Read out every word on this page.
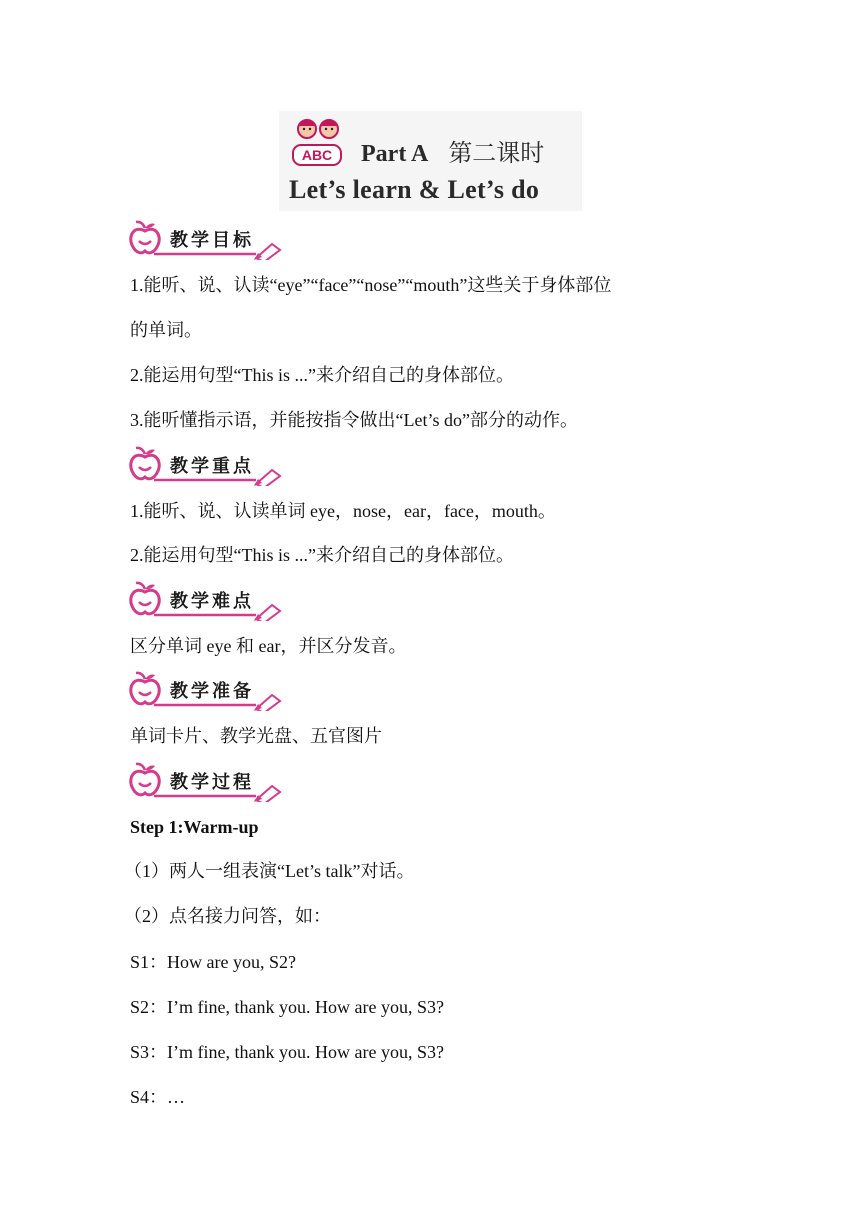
ABC Part A 第二课时
Let’s learn & Let’s do
教学目标
1.能听、说、认读“eye”“face”“nose”“mouth”这些关于身体部位
的单词。
2.能运用句型“This is ...”来介绍自己的身体部位。
3.能听懂指示语，并能按指令做出“Let’s do”部分的动作。
教学重点
1.能听、说、认读单词 eye，nose，ear，face，mouth。
2.能运用句型“This is ...”来介绍自己的身体部位。
教学难点
区分单词 eye 和 ear，并区分发音。
教学准备
单词卡片、教学光盘、五官图片
教学过程
Step 1:Warm-up
（1）两人一组表演“Let’s talk”对话。
（2）点名接力问答，如：
S1：How are you, S2?
S2：I’m fine, thank you. How are you, S3?
S3：I’m fine, thank you. How are you, S3?
S4：…
